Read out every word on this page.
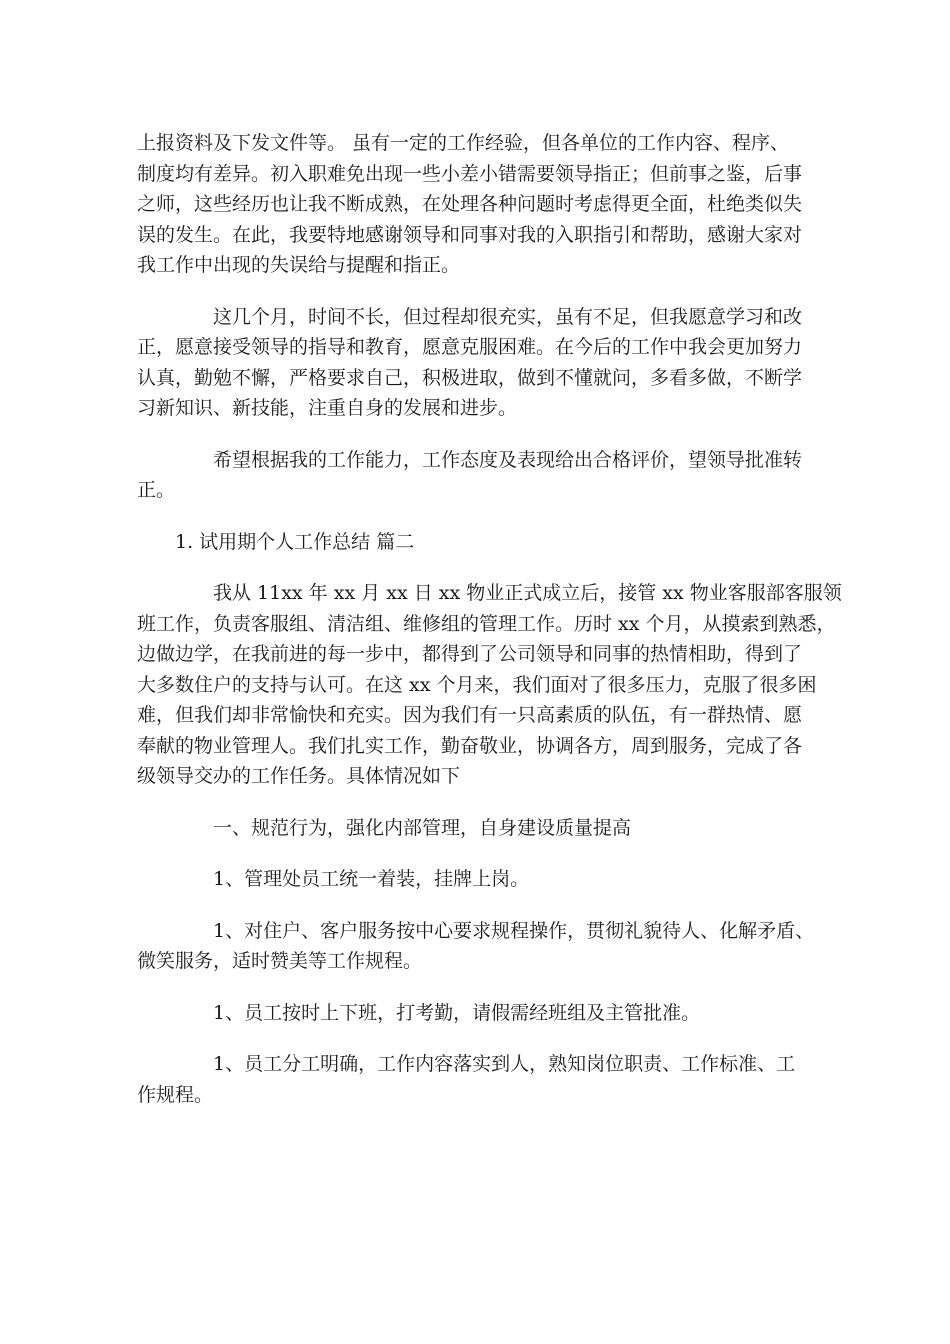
上报资料及下发文件等。 虽有一定的工作经验，但各单位的工作内容、程序、
制度均有差异。初入职难免出现一些小差小错需要领导指正；但前事之鉴，后事
之师，这些经历也让我不断成熟，在处理各种问题时考虑得更全面，杜绝类似失
误的发生。在此，我要特地感谢领导和同事对我的入职指引和帮助，感谢大家对
我工作中出现的失误给与提醒和指正。
这几个月，时间不长，但过程却很充实，虽有不足，但我愿意学习和改
正，愿意接受领导的指导和教育，愿意克服困难。在今后的工作中我会更加努力
认真，勤勉不懈，严格要求自己，积极进取，做到不懂就问，多看多做，不断学
习新知识、新技能，注重自身的发展和进步。
希望根据我的工作能力，工作态度及表现给出合格评价，望领导批准转
正。
1. 试用期个人工作总结 篇二
我从 11xx 年 xx 月 xx 日 xx 物业正式成立后，接管 xx 物业客服部客服领
班工作，负责客服组、清洁组、维修组的管理工作。历时 xx 个月，从摸索到熟悉，
边做边学，在我前进的每一步中，都得到了公司领导和同事的热情相助，得到了
大多数住户的支持与认可。在这 xx 个月来，我们面对了很多压力，克服了很多困
难，但我们却非常愉快和充实。因为我们有一只高素质的队伍，有一群热情、愿
奉献的物业管理人。我们扎实工作，勤奋敬业，协调各方，周到服务，完成了各
级领导交办的工作任务。具体情况如下
一、规范行为，强化内部管理，自身建设质量提高
1、管理处员工统一着装，挂牌上岗。
1、对住户、客户服务按中心要求规程操作，贯彻礼貌待人、化解矛盾、
微笑服务，适时赞美等工作规程。
1、员工按时上下班，打考勤，请假需经班组及主管批准。
1、员工分工明确，工作内容落实到人，熟知岗位职责、工作标准、工
作规程。
